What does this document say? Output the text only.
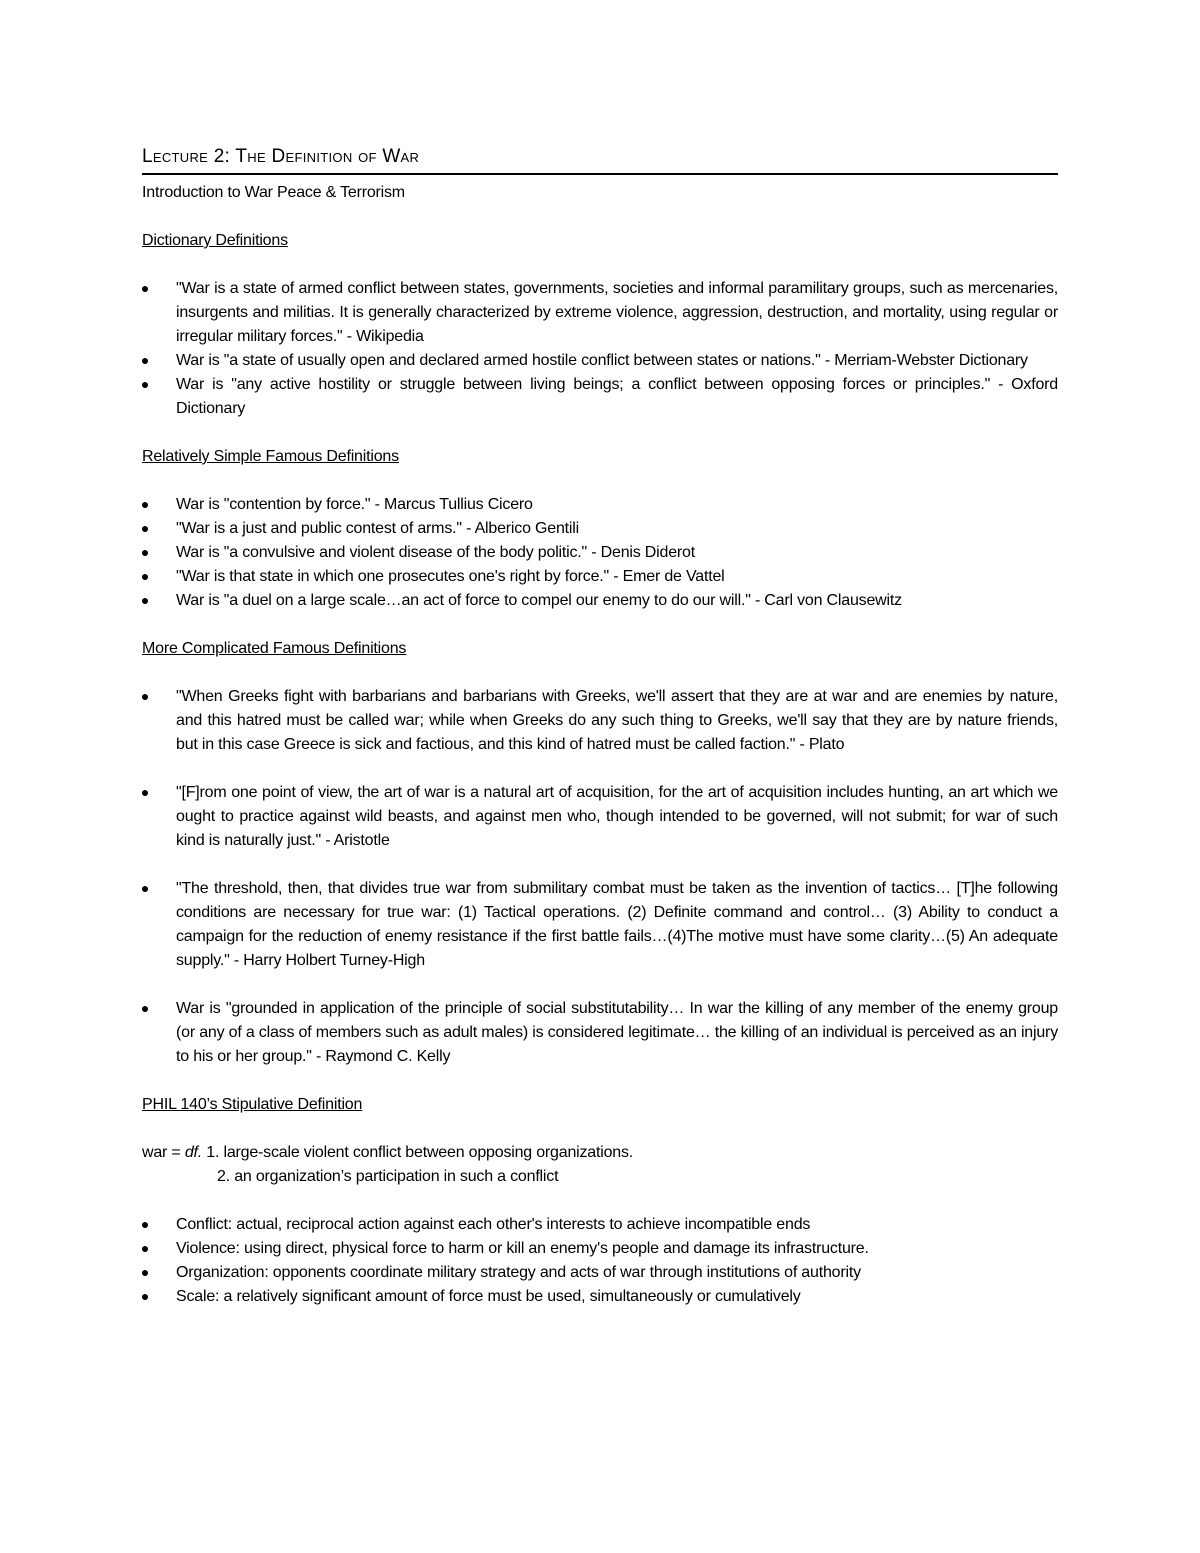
Lecture 2: The Definition of War
Introduction to War Peace & Terrorism
Dictionary Definitions
"War is a state of armed conflict between states, governments, societies and informal paramilitary groups, such as mercenaries, insurgents and militias. It is generally characterized by extreme violence, aggression, destruction, and mortality, using regular or irregular military forces." - Wikipedia
War is "a state of usually open and declared armed hostile conflict between states or nations." - Merriam-Webster Dictionary
War is "any active hostility or struggle between living beings; a conflict between opposing forces or principles." - Oxford Dictionary
Relatively Simple Famous Definitions
War is "contention by force." - Marcus Tullius Cicero
"War is a just and public contest of arms." - Alberico Gentili
War is "a convulsive and violent disease of the body politic." - Denis Diderot
"War is that state in which one prosecutes one's right by force." - Emer de Vattel
War is "a duel on a large scale…an act of force to compel our enemy to do our will." - Carl von Clausewitz
More Complicated Famous Definitions
"When Greeks fight with barbarians and barbarians with Greeks, we'll assert that they are at war and are enemies by nature, and this hatred must be called war; while when Greeks do any such thing to Greeks, we'll say that they are by nature friends, but in this case Greece is sick and factious, and this kind of hatred must be called faction." - Plato
"[F]rom one point of view, the art of war is a natural art of acquisition, for the art of acquisition includes hunting, an art which we ought to practice against wild beasts, and against men who, though intended to be governed, will not submit; for war of such kind is naturally just." - Aristotle
"The threshold, then, that divides true war from submilitary combat must be taken as the invention of tactics… [T]he following conditions are necessary for true war: (1) Tactical operations. (2) Definite command and control… (3) Ability to conduct a campaign for the reduction of enemy resistance if the first battle fails…(4)The motive must have some clarity…(5) An adequate supply." - Harry Holbert Turney-High
War is "grounded in application of the principle of social substitutability… In war the killing of any member of the enemy group (or any of a class of members such as adult males) is considered legitimate… the killing of an individual is perceived as an injury to his or her group." - Raymond C. Kelly
PHIL 140’s Stipulative Definition
war = df. 1. large-scale violent conflict between opposing organizations.
2. an organization’s participation in such a conflict
Conflict: actual, reciprocal action against each other's interests to achieve incompatible ends
Violence: using direct, physical force to harm or kill an enemy's people and damage its infrastructure.
Organization: opponents coordinate military strategy and acts of war through institutions of authority
Scale: a relatively significant amount of force must be used, simultaneously or cumulatively
